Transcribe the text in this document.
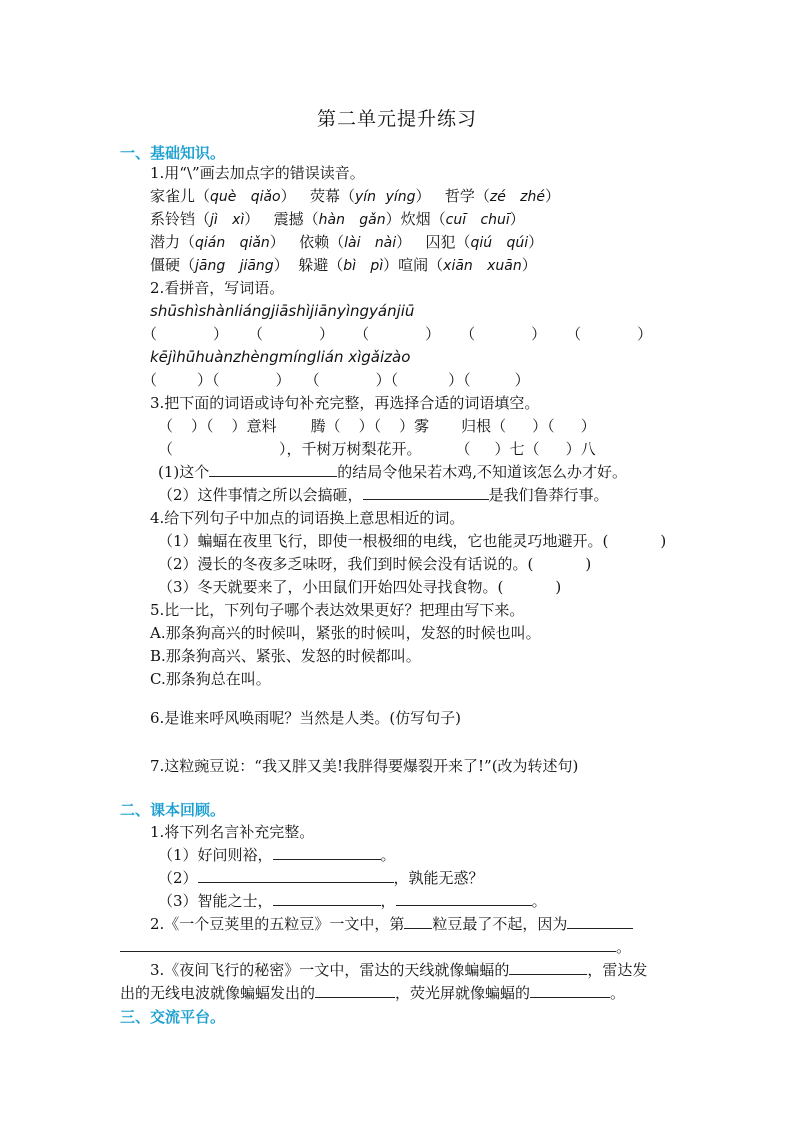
第二单元提升练习
一、基础知识。
1.用“\”画去加点字的错误读音。
家雀儿（què qiǎo） 荧幕（yín yíng） 哲学（zé zhé）
系铃铛（jì xì） 震撼（hàn gǎn）炊烟（cuī chuī）
潜力（qián qiǎn） 依赖（lài nài） 囚犯（qiú qúi）
僵硬（jāng jiāng） 躲避（bì pì）喧闹（xiān xuān）
2.看拼音，写词语。
shūshìshànliángjiāshìjiānyìngyánjiū
（	） （	） （	） （	） （	）
kējìhūhuànzhèngmínglián xìgǎizào
（	）（	） （	）（	）（	）
3.把下面的词语或诗句补充完整，再选择合适的词语填空。
（ ）（ ）意料 腾（ ）（ ）雾 归根（ ）（ ）
（	），千树万树梨花开。 （ ）七（ ）八
(1)这个	的结局令他呆若木鸡,不知道该怎么办才好。
（2）这件事情之所以会搞砸，	是我们鲁莽行事。
4.给下列句子中加点的词语换上意思相近的词。
（1）蝙蝠在夜里飞行，即使一根极细的电线，它也能灵巧地避开。(	)
（2）漫长的冬夜多乏味呀，我们到时候会没有话说的。(	)
（3）冬天就要来了，小田鼠们开始四处寻找食物。(	)
5.比一比，下列句子哪个表达效果更好？把理由写下来。
A.那条狗高兴的时候叫，紧张的时候叫，发怒的时候也叫。
B.那条狗高兴、紧张、发怒的时候都叫。
C.那条狗总在叫。
6.是谁来呼风唤雨呢？当然是人类。(仿写句子)
7.这粒豌豆说：“我又胖又美!我胖得要爆裂开来了!”(改为转述句)
二、课本回顾。
1.将下列名言补充完整。
（1）好问则裕，	。
（2）	，孰能无惑？
（3）智能之士，	，	。
2.《一个豆荚里的五粒豆》一文中，第 粒豆最了不起，因为
。
3.《夜间飞行的秘密》一文中，雷达的天线就像蝙蝠的	，雷达发
出的无线电波就像蝙蝠发出的	，荧光屏就像蝙蝠的	。
三、交流平台。
